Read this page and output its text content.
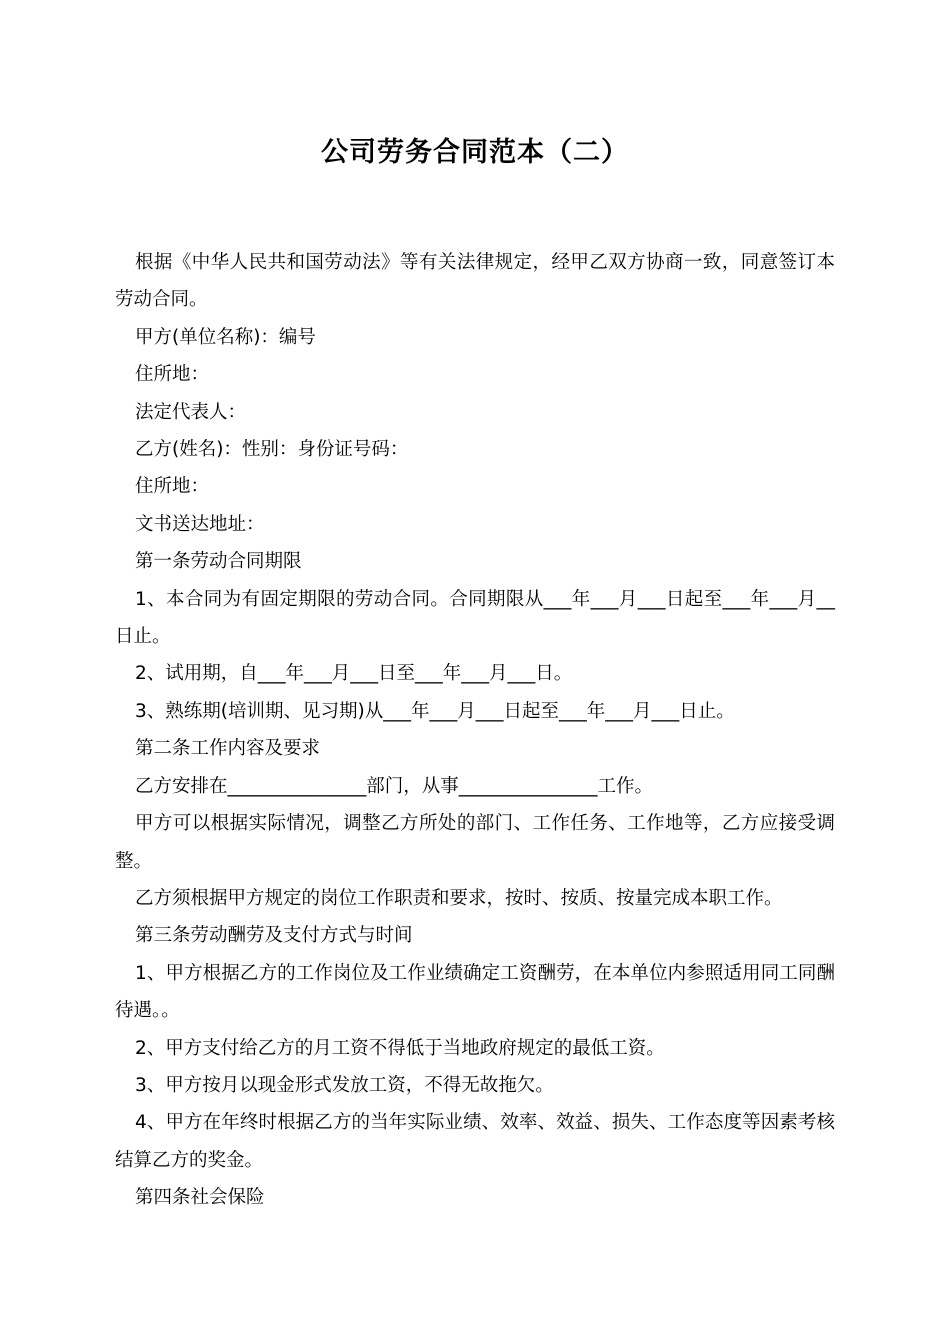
公司劳务合同范本（二）

根据《中华人民共和国劳动法》等有关法律规定，经甲乙双方协商一致，同意签订本劳动合同。

甲方(单位名称)：编号

住所地：

法定代表人：

乙方(姓名)：性别：身份证号码：

住所地：

文书送达地址：

第一条劳动合同期限

1、本合同为有固定期限的劳动合同。合同期限从___年___月___日起至___年___月__日止。

2、试用期，自___年___月___日至___年___月___日。

3、熟练期(培训期、见习期)从___年___月___日起至___年___月___日止。

第二条工作内容及要求

乙方安排在_______________部门，从事_______________工作。

甲方可以根据实际情况，调整乙方所处的部门、工作任务、工作地等，乙方应接受调整。

乙方须根据甲方规定的岗位工作职责和要求，按时、按质、按量完成本职工作。

第三条劳动酬劳及支付方式与时间

1、甲方根据乙方的工作岗位及工作业绩确定工资酬劳，在本单位内参照适用同工同酬待遇。。

2、甲方支付给乙方的月工资不得低于当地政府规定的最低工资。

3、甲方按月以现金形式发放工资，不得无故拖欠。

4、甲方在年终时根据乙方的当年实际业绩、效率、效益、损失、工作态度等因素考核结算乙方的奖金。

第四条社会保险
